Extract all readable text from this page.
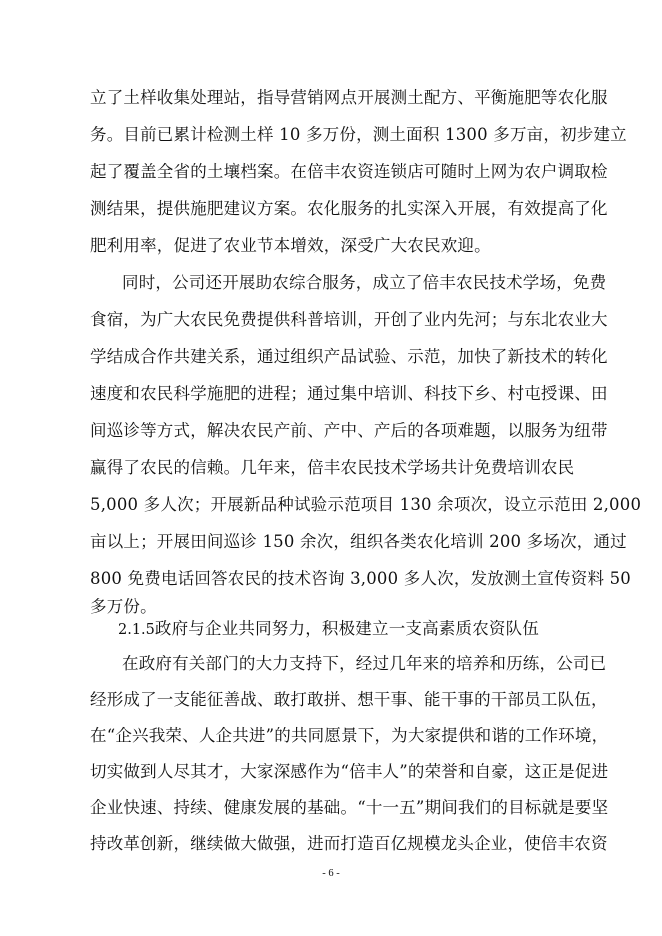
立了土样收集处理站，指导营销网点开展测土配方、平衡施肥等农化服
务。目前已累计检测土样 10 多万份，测土面积 1300 多万亩，初步建立
起了覆盖全省的土壤档案。在倍丰农资连锁店可随时上网为农户调取检
测结果，提供施肥建议方案。农化服务的扎实深入开展，有效提高了化
肥利用率，促进了农业节本增效，深受广大农民欢迎。
同时，公司还开展助农综合服务，成立了倍丰农民技术学场，免费
食宿，为广大农民免费提供科普培训，开创了业内先河；与东北农业大
学结成合作共建关系，通过组织产品试验、示范，加快了新技术的转化
速度和农民科学施肥的进程；通过集中培训、科技下乡、村屯授课、田
间巡诊等方式，解决农民产前、产中、产后的各项难题，以服务为纽带
赢得了农民的信赖。几年来，倍丰农民技术学场共计免费培训农民
5,000 多人次；开展新品种试验示范项目 130 余项次，设立示范田 2,000
亩以上；开展田间巡诊 150 余次，组织各类农化培训 200 多场次，通过
800 免费电话回答农民的技术咨询 3,000 多人次，发放测土宣传资料 50
多万份。
2.1.5政府与企业共同努力，积极建立一支高素质农资队伍
在政府有关部门的大力支持下，经过几年来的培养和历练，公司已
经形成了一支能征善战、敢打敢拼、想干事、能干事的干部员工队伍，
在“企兴我荣、人企共进”的共同愿景下，为大家提供和谐的工作环境，
切实做到人尽其才，大家深感作为“倍丰人”的荣誉和自豪，这正是促进
企业快速、持续、健康发展的基础。“十一五”期间我们的目标就是要坚
持改革创新，继续做大做强，进而打造百亿规模龙头企业，使倍丰农资
- 6 -
